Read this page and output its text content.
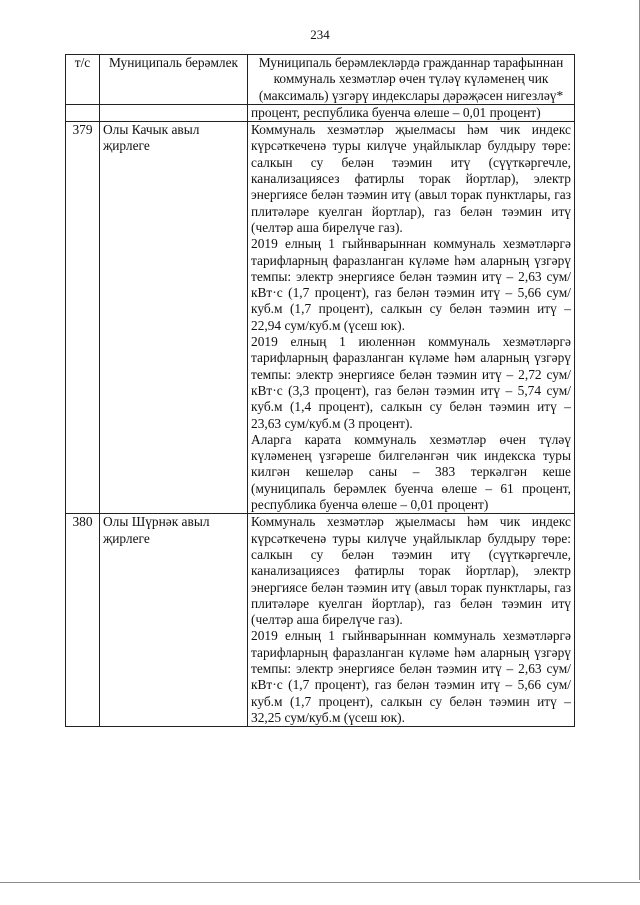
234
т/с	Муниципаль берәмлек	Муниципаль берәмлекләрдә гражданнар тарафыннан коммуналь хезмәтләр өчен түләү күләменең чик (максималь) үзгәрү индекслары дәрәҗәсен нигезләү*
		процент, республика буенча өлеше – 0,01 процент)
379	Олы Качык авыл җирлеге	Коммуналь хезмәтләр җыелмасы һәм чик индекс күрсәткеченә туры килүче уңайлыклар булдыру төре: салкын су белән тәэмин итү (сүүткәргечле, канализациясез фатирлы торак йортлар), электр энергиясе белән тәэмин итү (авыл торак пунктлары, газ плитәләре куелган йортлар), газ белән тәэмин итү (челтәр аша бирелүче газ).
2019 елның 1 гыйнварыннан коммуналь хезмәтләргә тарифларның фаразланган күләме һәм аларның үзгәрү темпы: электр энергиясе белән тәэмин итү – 2,63 сум/кВт·с (1,7 процент), газ белән тәэмин итү – 5,66 сум/куб.м (1,7 процент), салкын су белән тәэмин итү – 22,94 сум/куб.м (үсеш юк).
2019 елның 1 июленнән коммуналь хезмәтләргә тарифларның фаразланган күләме һәм аларның үзгәрү темпы: электр энергиясе белән тәэмин итү – 2,72 сум/кВт·с (3,3 процент), газ белән тәэмин итү – 5,74 сум/куб.м (1,4 процент), салкын су белән тәэмин итү – 23,63 сум/куб.м (3 процент).
Аларга карата коммуналь хезмәтләр өчен түләү күләменең үзгәреше билгеләнгән чик индекска туры килгән кешеләр саны – 383 теркәлгән кеше (муниципаль берәмлек буенча өлеше – 61 процент, республика буенча өлеше – 0,01 процент)

380	Олы Шүрнәк авыл җирлеге	Коммуналь хезмәтләр җыелмасы һәм чик индекс күрсәткеченә туры килүче уңайлыклар булдыру төре: салкын су белән тәэмин итү (сүүткәргечле, канализациясез фатирлы торак йортлар), электр энергиясе белән тәэмин итү (авыл торак пунктлары, газ плитәләре куелган йортлар), газ белән тәэмин итү (челтәр аша бирелүче газ).
2019 елның 1 гыйнварыннан коммуналь хезмәтләргә тарифларның фаразланган күләме һәм аларның үзгәрү темпы: электр энергиясе белән тәэмин итү – 2,63 сум/кВт·с (1,7 процент), газ белән тәэмин итү – 5,66 сум/куб.м (1,7 процент), салкын су белән тәэмин итү – 32,25 сум/куб.м (үсеш юк).
